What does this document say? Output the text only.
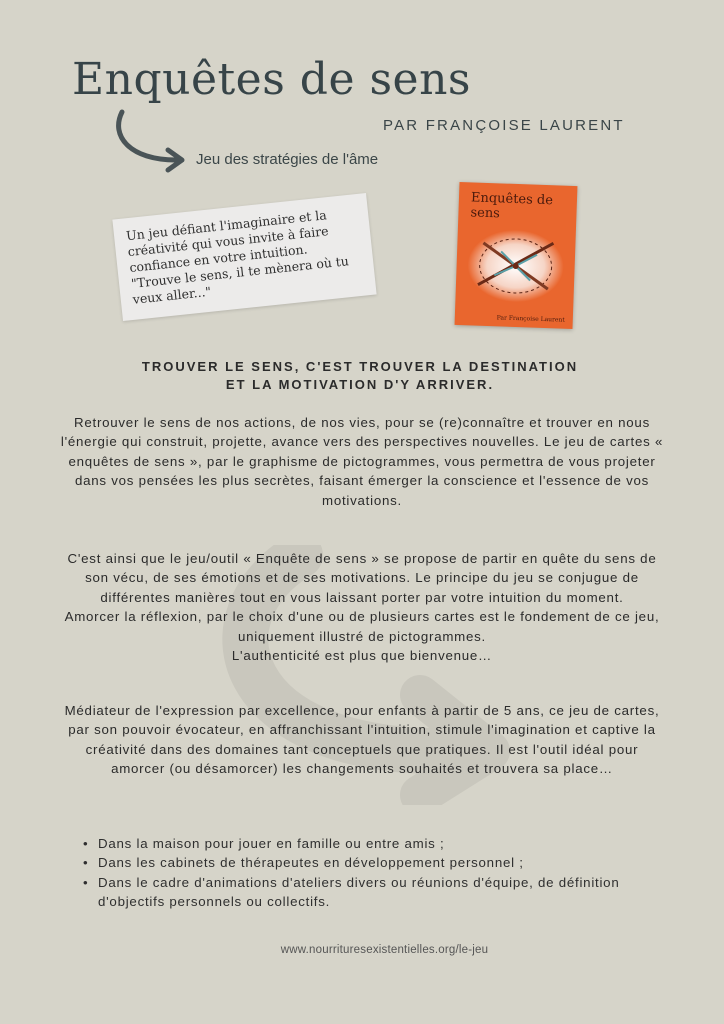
Enquêtes de sens
PAR FRANÇOISE LAURENT
Jeu des stratégies de l'âme

Un jeu défiant l'imaginaire et la créativité qui vous invite à faire confiance en votre intuition. "Trouve le sens, il te mènera où tu veux aller..."

Enquêtes de sens
Par Françoise Laurent
TROUVER LE SENS, C'EST TROUVER LA DESTINATION
ET LA MOTIVATION D'Y ARRIVER.

Retrouver le sens de nos actions, de nos vies, pour se (re)connaître et trouver en nous l'énergie qui construit, projette, avance vers des perspectives nouvelles. Le jeu de cartes « enquêtes de sens », par le graphisme de pictogrammes, vous permettra de vous projeter dans vos pensées les plus secrètes, faisant émerger la conscience et l'essence de vos motivations.

C'est ainsi que le jeu/outil « Enquête de sens » se propose de partir en quête du sens de son vécu, de ses émotions et de ses motivations. Le principe du jeu se conjugue de différentes manières tout en vous laissant porter par votre intuition du moment.

Amorcer la réflexion, par le choix d'une ou de plusieurs cartes est le fondement de ce jeu, uniquement illustré de pictogrammes.

L'authenticité est plus que bienvenue…

Médiateur de l'expression par excellence, pour enfants à partir de 5 ans, ce jeu de cartes, par son pouvoir évocateur, en affranchissant l'intuition, stimule l'imagination et captive la créativité dans des domaines tant conceptuels que pratiques. Il est l'outil idéal pour amorcer (ou désamorcer) les changements souhaités et trouvera sa place…

• Dans la maison pour jouer en famille ou entre amis ;
• Dans les cabinets de thérapeutes en développement personnel ;
• Dans le cadre d'animations d'ateliers divers ou réunions d'équipe, de définition d'objectifs personnels ou collectifs.
www.nourrituresexistentielles.org/le-jeu
